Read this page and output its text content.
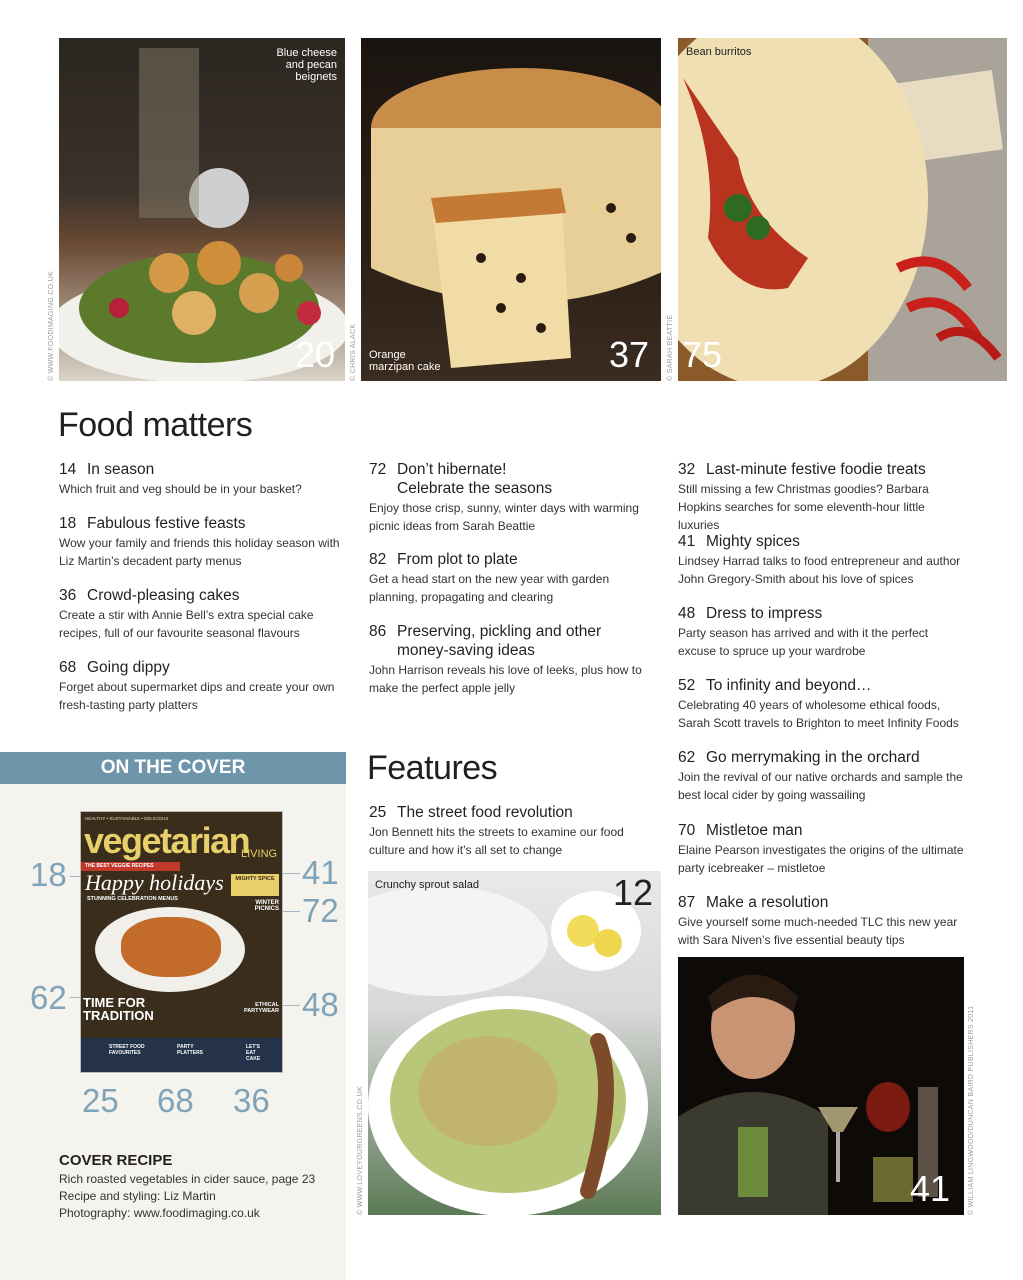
Blue cheese
and pecan
beignets
20
© WWW.FOODIMAGING.CO.UK	Orange
marzipan cake	37
© CHRIS ALACK
Bean burritos
75
© SARAH BEATTIE
Food matters
14 In season
Which fruit and veg should be in your basket?
18 Fabulous festive feasts
Wow your family and friends this holiday season with Liz Martin’s decadent party menus
36 Crowd-pleasing cakes
Create a stir with Annie Bell’s extra special cake recipes, full of our favourite seasonal flavours
68 Going dippy
Forget about supermarket dips and create your own fresh-tasting party platters
72 Don’t hibernate! Celebrate the seasons
Enjoy those crisp, sunny, winter days with warming picnic ideas from Sarah Beattie
82 From plot to plate
Get a head start on the new year with garden planning, propagating and clearing
86 Preserving, pickling and other money-saving ideas
John Harrison reveals his love of leeks, plus how to make the perfect apple jelly
32 Last-minute festive foodie treats
Still missing a few Christmas goodies? Barbara Hopkins searches for some eleventh-hour little luxuries
41 Mighty spices
Lindsey Harrad talks to food entrepreneur and author John Gregory-Smith about his love of spices
48 Dress to impress
Party season has arrived and with it the perfect excuse to spruce up your wardrobe
52 To infinity and beyond…
Celebrating 40 years of wholesome ethical foods, Sarah Scott travels to Brighton to meet Infinity Foods
62 Go merrymaking in the orchard
Join the revival of our native orchards and sample the best local cider by going wassailing
70 Mistletoe man
Elaine Pearson investigates the origins of the ultimate party icebreaker – mistletoe
87 Make a resolution
Give yourself some much-needed TLC this new year with Sara Niven’s five essential beauty tips
41	© WILLIAM LINGWOOD/DUNCAN BAIRD PUBLISHERS 2011
ON THE COVER
18	41
72
62	48
25 68 36
HEALTHY • SUSTAINABLE • DELICIOUS
vegetarian
LIVING
THE BEST VEGGIE RECIPES
Happy holidays
STUNNING CELEBRATION MENUS
MIGHTY SPICE
WINTER PICNICS
TIME FOR TRADITION
ETHICAL PARTYWEAR
STREET FOOD FAVOURITES
PARTY PLATTERS
LET'S EAT CAKE
COVER RECIPE
Rich roasted vegetables in cider sauce, page 23
Recipe and styling: Liz Martin
Photography: www.foodimaging.co.uk
Features
25 The street food revolution
Jon Bennett hits the streets to examine our food culture and how it’s all set to change
Crunchy sprout salad	12
© WWW.LOVEYOURGREENS.CO.UK
